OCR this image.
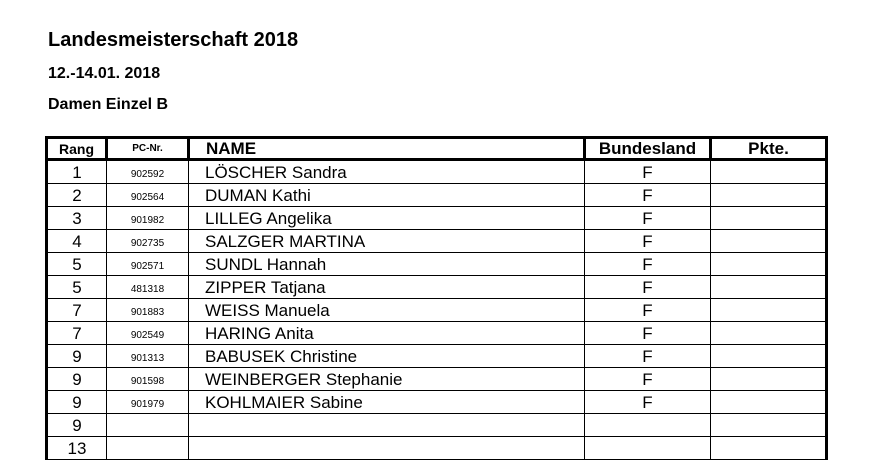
Landesmeisterschaft 2018
12.-14.01. 2018
Damen Einzel B
Rang	PC-Nr.	NAME	Bundesland	Pkte.
1	902592	LÖSCHER Sandra	F	
2	902564	DUMAN Kathi	F	
3	901982	LILLEG Angelika	F	
4	902735	SALZGER MARTINA	F	
5	902571	SUNDL Hannah	F	
5	481318	ZIPPER Tatjana	F	
7	901883	WEISS Manuela	F	
7	902549	HARING Anita	F	
9	901313	BABUSEK Christine	F	
9	901598	WEINBERGER Stephanie	F	
9	901979	KOHLMAIER Sabine	F	
9				
13				
